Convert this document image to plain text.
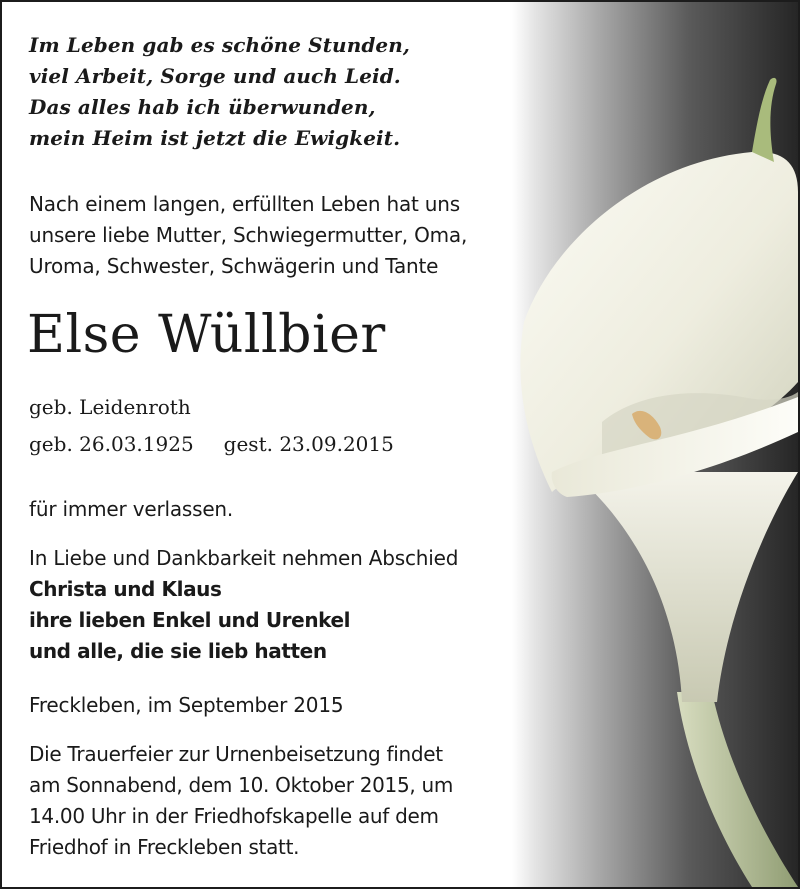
Im Leben gab es schöne Stunden,
viel Arbeit, Sorge und auch Leid.
Das alles hab ich überwunden,
mein Heim ist jetzt die Ewigkeit.
Nach einem langen, erfüllten Leben hat uns
unsere liebe Mutter, Schwiegermutter, Oma,
Uroma, Schwester, Schwägerin und Tante
Else Wüllbier
geb. Leidenroth
geb. 26.03.1925 gest. 23.09.2015
für immer verlassen.
In Liebe und Dankbarkeit nehmen Abschied
Christa und Klaus
ihre lieben Enkel und Urenkel
und alle, die sie lieb hatten
Freckleben, im September 2015
Die Trauerfeier zur Urnenbeisetzung findet
am Sonnabend, dem 10. Oktober 2015, um
14.00 Uhr in der Friedhofskapelle auf dem
Friedhof in Freckleben statt.
